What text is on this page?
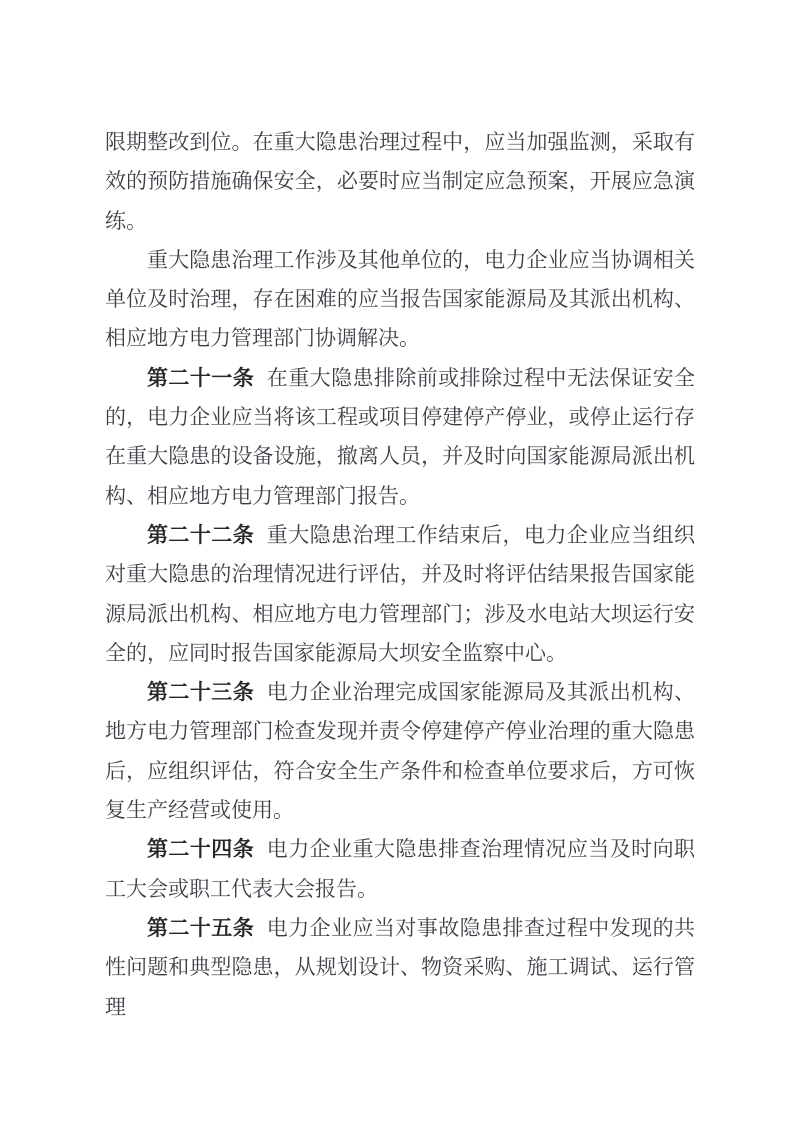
限期整改到位。在重大隐患治理过程中，应当加强监测，采取有效的预防措施确保安全，必要时应当制定应急预案，开展应急演练。

重大隐患治理工作涉及其他单位的，电力企业应当协调相关单位及时治理，存在困难的应当报告国家能源局及其派出机构、相应地方电力管理部门协调解决。

第二十一条 在重大隐患排除前或排除过程中无法保证安全的，电力企业应当将该工程或项目停建停产停业，或停止运行存在重大隐患的设备设施，撤离人员，并及时向国家能源局派出机构、相应地方电力管理部门报告。

第二十二条 重大隐患治理工作结束后，电力企业应当组织对重大隐患的治理情况进行评估，并及时将评估结果报告国家能源局派出机构、相应地方电力管理部门；涉及水电站大坝运行安全的，应同时报告国家能源局大坝安全监察中心。

第二十三条 电力企业治理完成国家能源局及其派出机构、地方电力管理部门检查发现并责令停建停产停业治理的重大隐患后，应组织评估，符合安全生产条件和检查单位要求后，方可恢复生产经营或使用。

第二十四条 电力企业重大隐患排查治理情况应当及时向职工大会或职工代表大会报告。

第二十五条 电力企业应当对事故隐患排查过程中发现的共性问题和典型隐患，从规划设计、物资采购、施工调试、运行管理
